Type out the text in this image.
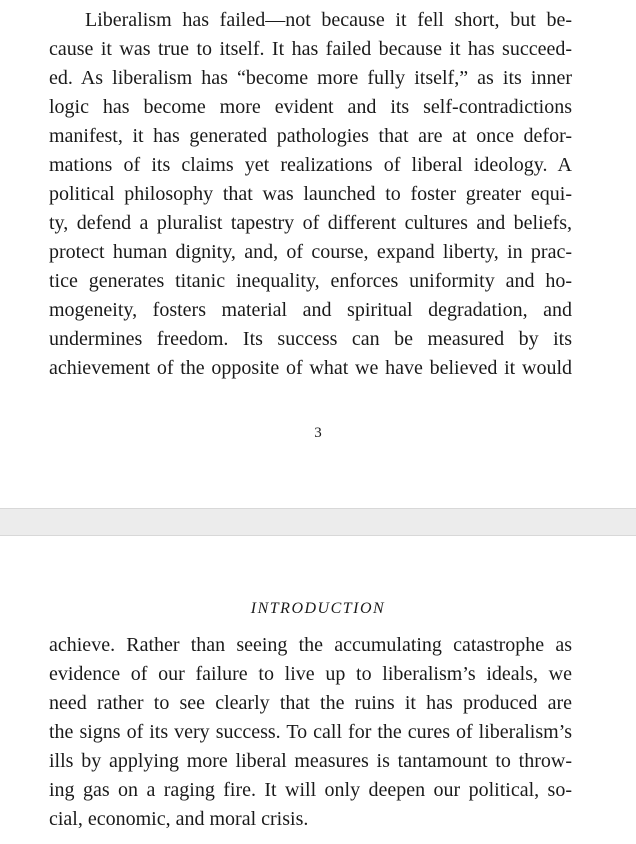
Liberalism has failed—not because it fell short, but be-
cause it was true to itself. It has failed because it has succeed-
ed. As liberalism has “become more fully itself,” as its inner
logic has become more evident and its self-contradictions
manifest, it has generated pathologies that are at once defor-
mations of its claims yet realizations of liberal ideology. A
political philosophy that was launched to foster greater equi-
ty, defend a pluralist tapestry of different cultures and beliefs,
protect human dignity, and, of course, expand liberty, in prac-
tice generates titanic inequality, enforces uniformity and ho-
mogeneity, fosters material and spiritual degradation, and
undermines freedom. Its success can be measured by its
achievement of the opposite of what we have believed it would
3
INTRODUCTION
achieve. Rather than seeing the accumulating catastrophe as
evidence of our failure to live up to liberalism’s ideals, we
need rather to see clearly that the ruins it has produced are
the signs of its very success. To call for the cures of liberalism’s
ills by applying more liberal measures is tantamount to throw-
ing gas on a raging fire. It will only deepen our political, so-
cial, economic, and moral crisis.
